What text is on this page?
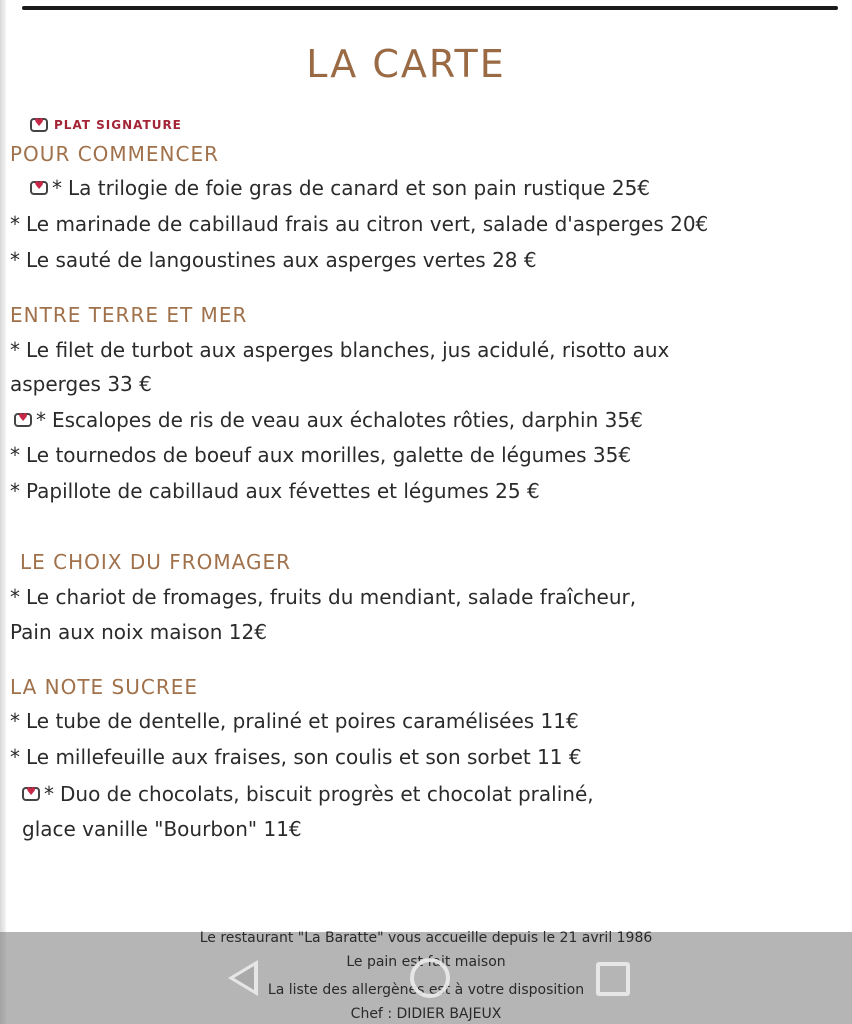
LA CARTE
♥
PLAT SIGNATURE
POUR COMMENCER
♥
* La trilogie de foie gras de canard et son pain rustique 25€
* Le marinade de cabillaud frais au citron vert, salade d'asperges 20€
* Le sauté de langoustines aux asperges vertes 28 €
ENTRE TERRE ET MER
* Le filet de turbot aux asperges blanches, jus acidulé, risotto aux
asperges 33 €
♥
* Escalopes de ris de veau aux échalotes rôties, darphin 35€
* Le tournedos de boeuf aux morilles, galette de légumes 35€
* Papillote de cabillaud aux févettes et légumes 25 €
LE CHOIX DU FROMAGER
* Le chariot de fromages, fruits du mendiant, salade fraîcheur,
Pain aux noix maison 12€
LA NOTE SUCREE
* Le tube de dentelle, praliné et poires caramélisées 11€
* Le millefeuille aux fraises, son coulis et son sorbet 11 €
♥
* Duo de chocolats, biscuit progrès et chocolat praliné,
glace vanille "Bourbon" 11€
Le restaurant "La Baratte" vous accueille depuis le 21 avril 1986
Le pain est fait maison
La liste des allergènes est à votre disposition
Chef : DIDIER BAJEUX
